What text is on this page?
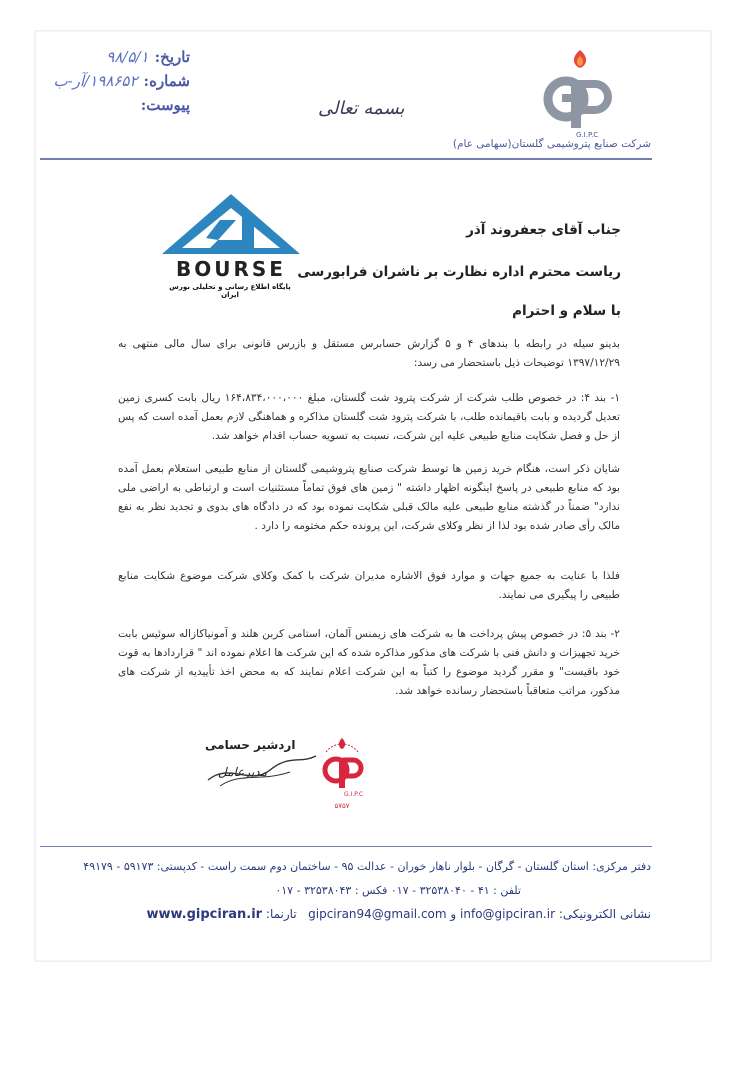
تاریخ:
۹۸/۵/۱
شماره:
۱۹۸۶۵۲/آر-ب
پیوست:	بسمه تعالی
G.I.P.C
شرکت صنایع پتروشیمی گلستان(سهامی عام)
BOURSE
پایگاه اطلاع رسانی و تحلیلی بورس ایران
جناب آقای جعفروند آذر
ریاست محترم اداره نظارت بر ناشران فرابورسی
با سلام و احترام
بدینو سیله در رابطه با بندهای ۴ و ۵ گزارش حسابرس مستقل و بازرس قانونی برای سال مالی منتهی به ۱۳۹۷/۱۲/۲۹ توضیحات ذیل باستحضار می رسد:
۱- بند ۴: در خصوص طلب شرکت از شرکت پترود شت گلستان، مبلغ ۱۶۴،۸۳۴،۰۰۰،۰۰۰ ریال بابت کسری زمین تعدیل گردیده و بابت باقیمانده طلب، با شرکت پترود شت گلستان مذاکره و هماهنگی لازم بعمل آمده است که پس از حل و فصل شکایت منابع طبیعی علیه این شرکت، نسبت به تسویه حساب اقدام خواهد شد.
شایان ذکر است، هنگام خرید زمین ها توسط شرکت صنایع پتروشیمی گلستان از منابع طبیعی استعلام بعمل آمده بود که منابع طبیعی در پاسخ اینگونه اظهار داشته " زمین های فوق تماماً مستثنیات است و ارتباطی به اراضی ملی ندارد" ضمناً در گذشته منابع طبیعی علیه مالک قبلی شکایت نموده بود که در دادگاه های بدوی و تجدید نظر به نفع مالک رأی صادر شده بود لذا از نظر وکلای شرکت، این پرونده حکم مختومه را دارد .
فلذا با عنایت به جمیع جهات و موارد فوق الاشاره مدیران شرکت با کمک وکلای شرکت موضوع شکایت منابع طبیعی را پیگیری می نمایند.
۲- بند ۵: در خصوص پیش پرداخت ها به شرکت های زیمنس آلمان، استامی کربن هلند و آمونیاکازاله سوئیس بابت خرید تجهیزات و دانش فنی با شرکت های مذکور مذاکره شده که این شرکت ها اعلام نموده اند " قراردادها به قوت خود باقیست" و مقرر گردید موضوع را کتباً به این شرکت اعلام نمایند که به محض اخذ تأییدیه از شرکت های مذکور، مراتب متعاقباً باستحضار رسانده خواهد شد.
اردشیر حسامی
مدیرعامل
G.I.P.C
۵۷۵۷
دفتر مرکزی: استان گلستان - گرگان - بلوار ناهار خوران - عدالت ۹۵ - ساختمان دوم سمت راست - کدپستی: ۵۹۱۷۳ - ۴۹۱۷۹
تلفن : ۴۱ - ۳۲۵۳۸۰۴۰ - ۰۱۷ فکس : ۳۲۵۳۸۰۴۳ - ۰۱۷
نشانی الکترونیکی: info@gipciran.ir و gipciran94@gmail.com   تارنما: www.gipciran.ir
